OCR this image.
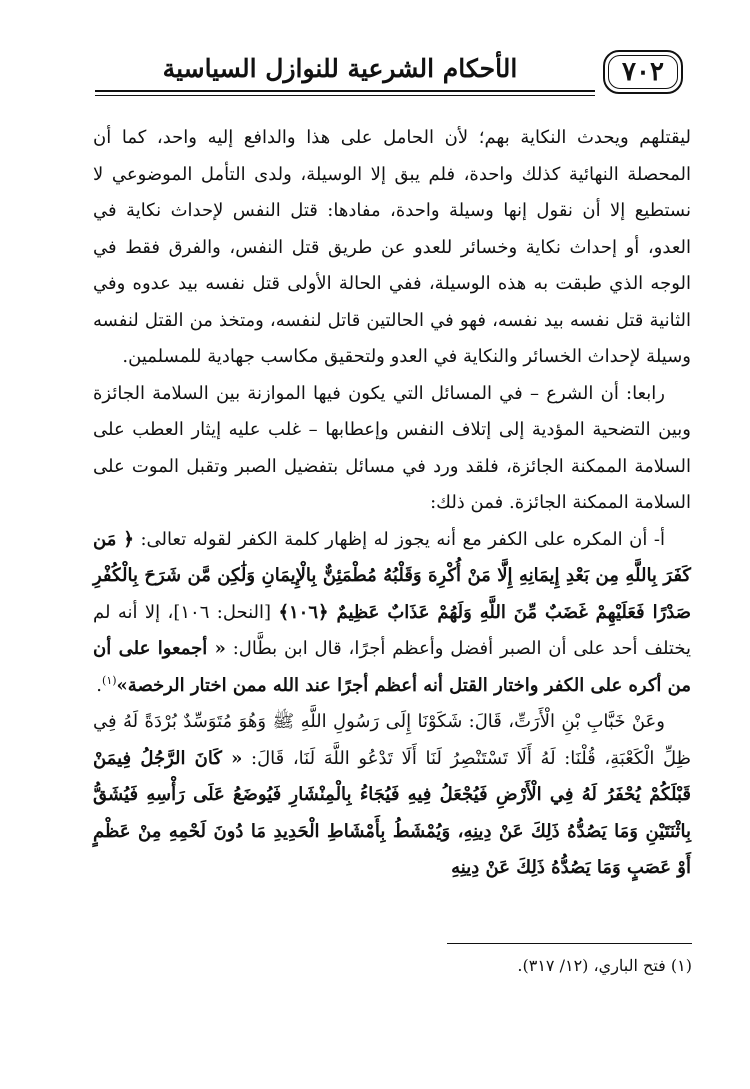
الأحكام الشرعية للنوازل السياسية	٧٠٢

ليقتلهم ويحدث النكاية بهم؛ لأن الحامل على هذا والدافع إليه واحد، كما أن المحصلة النهائية كذلك واحدة، فلم يبق إلا الوسيلة، ولدى التأمل الموضوعي لا نستطيع إلا أن نقول إنها وسيلة واحدة، مفادها: قتل النفس لإحداث نكاية في العدو، أو إحداث نكاية وخسائر للعدو عن طريق قتل النفس، والفرق فقط في الوجه الذي طبقت به هذه الوسيلة، ففي الحالة الأولى قتل نفسه بيد عدوه وفي الثانية قتل نفسه بيد نفسه، فهو في الحالتين قاتل لنفسه، ومتخذ من القتل لنفسه وسيلة لإحداث الخسائر والنكاية في العدو ولتحقيق مكاسب جهادية للمسلمين.

رابعا: أن الشرع – في المسائل التي يكون فيها الموازنة بين السلامة الجائزة وبين التضحية المؤدية إلى إتلاف النفس وإعطابها – غلب عليه إيثار العطب على السلامة الممكنة الجائزة، فلقد ورد في مسائل بتفضيل الصبر وتقبل الموت على السلامة الممكنة الجائزة. فمن ذلك:

أ- أن المكره على الكفر مع أنه يجوز له إظهار كلمة الكفر لقوله تعالى: ﴿ مَن كَفَرَ بِاللَّهِ مِن بَعْدِ إِيمَانِهِ إِلَّا مَنْ أُكْرِهَ وَقَلْبُهُ مُطْمَئِنٌّ بِالْإِيمَانِ وَلَٰكِن مَّن شَرَحَ بِالْكُفْرِ صَدْرًا فَعَلَيْهِمْ غَضَبٌ مِّنَ اللَّهِ وَلَهُمْ عَذَابٌ عَظِيمٌ ﴿١٠٦﴾ [النحل: ١٠٦]، إلا أنه لم يختلف أحد على أن الصبر أفضل وأعظم أجرًا، قال ابن بطَّال: « أجمعوا على أن من أكره على الكفر واختار القتل أنه أعظم أجرًا عند الله ممن اختار الرخصة»$^{(١)}$.

وعَنْ خَبَّابِ بْنِ الْأَرَتِّ، قَالَ: شَكَوْنَا إِلَى رَسُولِ اللَّهِ ﷺ وَهُوَ مُتَوَسِّدٌ بُرْدَةً لَهُ فِي ظِلِّ الْكَعْبَةِ، قُلْنَا: لَهُ أَلَا تَسْتَنْصِرُ لَنَا أَلَا تَدْعُو اللَّهَ لَنَا، قَالَ: « كَانَ الرَّجُلُ فِيمَنْ قَبْلَكُمْ يُحْفَرُ لَهُ فِي الْأَرْضِ فَيُجْعَلُ فِيهِ فَيُجَاءُ بِالْمِنْشَارِ فَيُوضَعُ عَلَى رَأْسِهِ فَيُشَقُّ بِاثْنَتَيْنِ وَمَا يَصُدُّهُ ذَلِكَ عَنْ دِينِهِ، وَيُمْشَطُ بِأَمْشَاطِ الْحَدِيدِ مَا دُونَ لَحْمِهِ مِنْ عَظْمٍ أَوْ عَصَبٍ وَمَا يَصُدُّهُ ذَلِكَ عَنْ دِينِهِ

(١) فتح الباري، (١٢/ ٣١٧).
